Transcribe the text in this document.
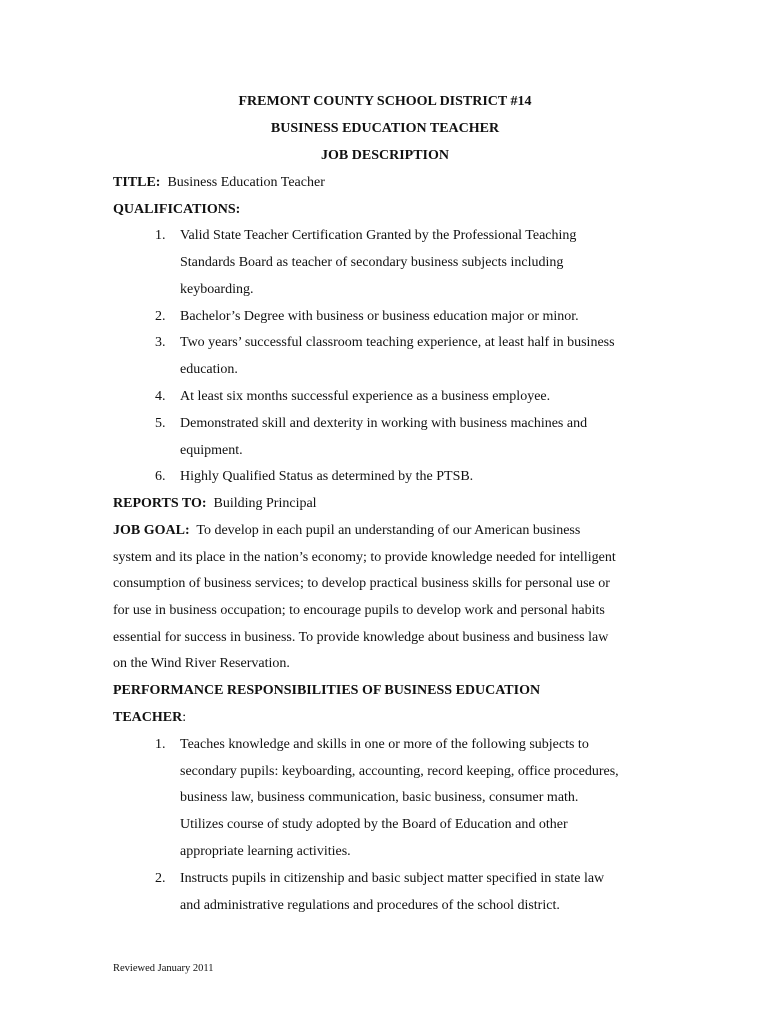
FREMONT COUNTY SCHOOL DISTRICT #14
BUSINESS EDUCATION TEACHER
JOB DESCRIPTION
TITLE: Business Education Teacher
QUALIFICATIONS:
1. Valid State Teacher Certification Granted by the Professional Teaching
Standards Board as teacher of secondary business subjects including
keyboarding.
2. Bachelor’s Degree with business or business education major or minor.
3. Two years’ successful classroom teaching experience, at least half in business
education.
4. At least six months successful experience as a business employee.
5. Demonstrated skill and dexterity in working with business machines and
equipment.
6. Highly Qualified Status as determined by the PTSB.
REPORTS TO: Building Principal
JOB GOAL: To develop in each pupil an understanding of our American business
system and its place in the nation’s economy; to provide knowledge needed for intelligent
consumption of business services; to develop practical business skills for personal use or
for use in business occupation; to encourage pupils to develop work and personal habits
essential for success in business. To provide knowledge about business and business law
on the Wind River Reservation.
PERFORMANCE RESPONSIBILITIES OF BUSINESS EDUCATION
TEACHER:
1. Teaches knowledge and skills in one or more of the following subjects to
secondary pupils: keyboarding, accounting, record keeping, office procedures,
business law, business communication, basic business, consumer math.
Utilizes course of study adopted by the Board of Education and other
appropriate learning activities.
2. Instructs pupils in citizenship and basic subject matter specified in state law
and administrative regulations and procedures of the school district.
Reviewed January 2011
